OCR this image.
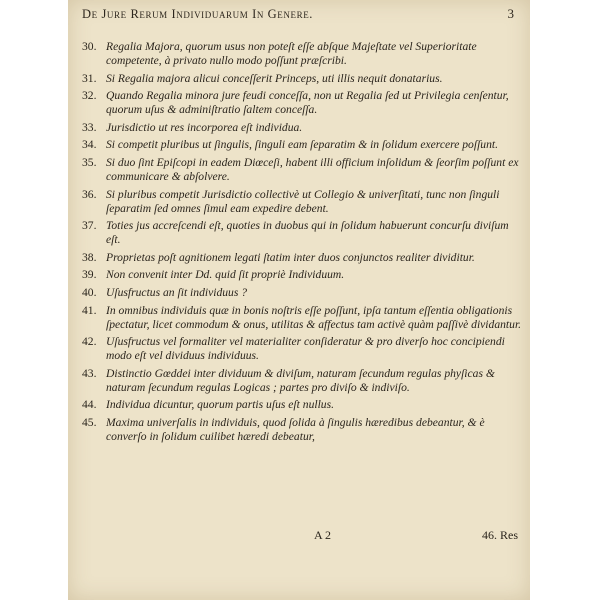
De Jure Rerum Individuarum In Genere.	3
30. Regalia Majora, quorum usus non poteſt eſſe abſque Majeſtate vel Superioritate competente, à privato nullo modo poſſunt præſcribi.
31. Si Regalia majora alicui conceſſerit Princeps, uti illis nequit donatarius.
32. Quando Regalia minora jure feudi conceſſa, non ut Regalia ſed ut Privilegia cenſentur, quorum uſus & adminiſtratio ſaltem conceſſa.
33. Jurisdictio ut res incorporea eſt individua.
34. Si competit pluribus ut ſingulis, ſinguli eam ſeparatim & in ſolidum exercere poſſunt.
35. Si duo ſint Epiſcopi in eadem Diœceſi, habent illi officium inſolidum & ſeorſim poſſunt ex communicare & abſolvere.
36. Si pluribus competit Jurisdictio collectivè ut Collegio & univerſitati, tunc non ſinguli ſeparatim ſed omnes ſimul eam expedire debent.
37. Toties jus accreſcendi eſt, quoties in duobus qui in ſolidum habuerunt concurſu diviſum eſt.
38. Proprietas poſt agnitionem legati ſtatim inter duos conjunctos realiter dividitur.
39. Non convenit inter Dd. quid ſit propriè Individuum.
40. Uſusfructus an ſit individuus ?
41. In omnibus individuis quæ in bonis noſtris eſſe poſſunt, ipſa tantum eſſentia obligationis ſpectatur, licet commodum & onus, utilitas & affectus tam activè quàm paſſivè dividantur.
42. Uſusfructus vel formaliter vel materialiter conſideratur & pro diverſo hoc concipiendi modo eſt vel dividuus individuus.
43. Distinctio Gœddei inter dividuum & diviſum, naturam ſecundum regulas phyſicas & naturam ſecundum regulas Logicas ; partes pro diviſo & indiviſo.
44. Individua dicuntur, quorum partis uſus eſt nullus.
45. Maxima univerſalis in individuis, quod ſolida à ſingulis hæredibus debeantur, & è converſo in ſolidum cuilibet hæredi debeatur,
A 2	46. Res
